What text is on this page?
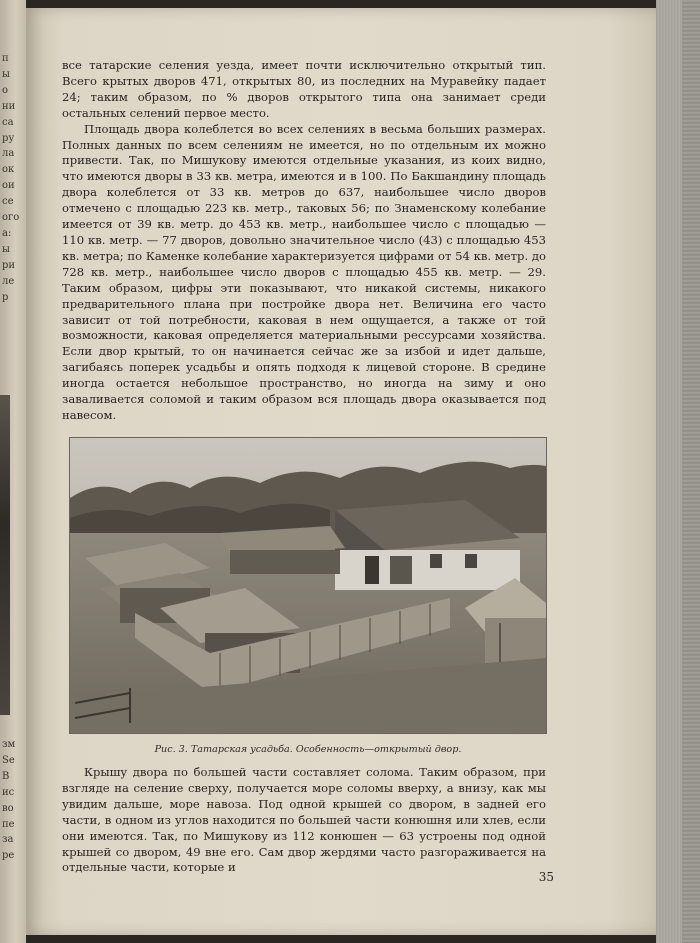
п
ы
о
ни
са
ру
ла
ок
ои
се
ого
а:
ы
ри
ле
р
зм
Se
В
ис
во
пе
за
ре

все татарские селения уезда, имеет почти исключительно открытый тип. Всего крытых дворов 471, открытых 80, из последних на Муравейку падает 24; таким образом, по % дворов открытого типа она занимает среди остальных селений первое место.

Площадь двора колеблется во всех селениях в весьма больших размерах. Полных данных по всем селениям не имеется, но по отдельным их можно привести. Так, по Мишукову имеются отдельные указания, из коих видно, что имеются дворы в 33 кв. метра, имеются и в 100. По Бакшандину площадь двора колеблется от 33 кв. метров до 637, наибольшее число дворов отмечено с площадью 223 кв. метр., таковых 56; по Знаменскому колебание имеется от 39 кв. метр. до 453 кв. метр., наибольшее число с площадью — 110 кв. метр. — 77 дворов, довольно значительное число (43) с площадью 453 кв. метра; по Каменке колебание характеризуется цифрами от 54 кв. метр. до 728 кв. метр., наибольшее число дворов с площадью 455 кв. метр. — 29. Таким образом, цифры эти показывают, что никакой системы, никакого предварительного плана при постройке двора нет. Величина его часто зависит от той потребности, каковая в нем ощущается, а также от той возможности, каковая определяется материальными рессурсами хозяйства. Если двор крытый, то он начинается сейчас же за избой и идет дальше, загибаясь поперек усадьбы и опять подходя к лицевой стороне. В средине иногда остается небольшое пространство, но иногда на зиму и оно заваливается соломой и таким образом вся площадь двора оказывается под навесом.

Рис. 3. Татарская усадьба. Особенность—открытый двор.

Крышу двора по большей части составляет солома. Таким образом, при взгляде на селение сверху, получается море соломы вверху, а внизу, как мы увидим дальше, море навоза. Под одной крышей со двором, в задней его части, в одном из углов находится по большей части конюшня или хлев, если они имеются. Так, по Мишукову из 112 конюшен — 63 устроены под одной крышей со двором, 49 вне его. Сам двор жердями часто разгораживается на отдельные части, которые и

35
